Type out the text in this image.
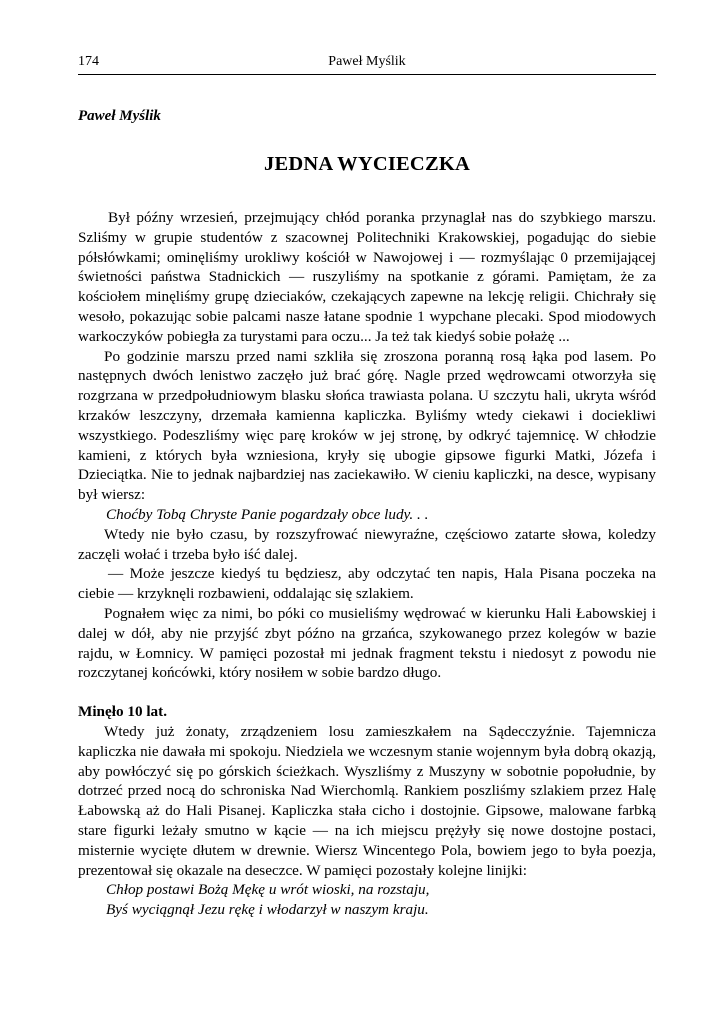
174	Paweł Myślik
Paweł Myślik
JEDNA WYCIECZKA

Był późny wrzesień, przejmujący chłód poranka przynaglał nas do szybkiego marszu. Szliśmy w grupie studentów z szacownej Politechniki Krakowskiej, pogadując do siebie półsłówkami; ominęliśmy urokliwy kościół w Nawojowej i — rozmyślając 0 przemijającej świetności państwa Stadnickich — ruszyliśmy na spotkanie z górami. Pamiętam, że za kościołem minęliśmy grupę dzieciaków, czekających zapewne na lekcję religii. Chichrały się wesoło, pokazując sobie palcami nasze łatane spodnie 1 wypchane plecaki. Spod miodowych warkoczyków pobiegła za turystami para oczu... Ja też tak kiedyś sobie połażę ...

Po godzinie marszu przed nami szkliła się zroszona poranną rosą łąka pod lasem. Po następnych dwóch lenistwo zaczęło już brać górę. Nagle przed wędrowcami otworzyła się rozgrzana w przedpołudniowym blasku słońca trawiasta polana. U szczytu hali, ukryta wśród krzaków leszczyny, drzemała kamienna kapliczka. Byliśmy wtedy ciekawi i dociekliwi wszystkiego. Podeszliśmy więc parę kroków w jej stronę, by odkryć tajemnicę. W chłodzie kamieni, z których była wzniesiona, kryły się ubogie gipsowe figurki Matki, Józefa i Dzieciątka. Nie to jednak najbardziej nas zaciekawiło. W cieniu kapliczki, na desce, wypisany był wiersz:

Choćby Tobą Chryste Panie pogardzały obce ludy. . .

Wtedy nie było czasu, by rozszyfrować niewyraźne, częściowo zatarte słowa, koledzy zaczęli wołać i trzeba było iść dalej.

— Może jeszcze kiedyś tu będziesz, aby odczytać ten napis, Hala Pisana poczeka na ciebie — krzyknęli rozbawieni, oddalając się szlakiem.

Pognałem więc za nimi, bo póki co musieliśmy wędrować w kierunku Hali Łabowskiej i dalej w dół, aby nie przyjść zbyt późno na grzańca, szykowanego przez kolegów w bazie rajdu, w Łomnicy. W pamięci pozostał mi jednak fragment tekstu i niedosyt z powodu nie rozczytanej końcówki, który nosiłem w sobie bardzo długo.

Minęło 10 lat.

Wtedy już żonaty, zrządzeniem losu zamieszkałem na Sądecczyźnie. Tajemnicza kapliczka nie dawała mi spokoju. Niedziela we wczesnym stanie wojennym była dobrą okazją, aby powłóczyć się po górskich ścieżkach. Wyszliśmy z Muszyny w sobotnie popołudnie, by dotrzeć przed nocą do schroniska Nad Wierchomlą. Rankiem poszliśmy szlakiem przez Halę Łabowską aż do Hali Pisanej. Kapliczka stała cicho i dostojnie. Gipsowe, malowane farbką stare figurki leżały smutno w kącie — na ich miejscu prężyły się nowe dostojne postaci, misternie wycięte dłutem w drewnie. Wiersz Wincentego Pola, bowiem jego to była poezja, prezentował się okazale na deseczce. W pamięci pozostały kolejne linijki:

Chłop postawi Bożą Mękę u wrót wioski, na rozstaju,

Byś wyciągnął Jezu rękę i włodarzył w naszym kraju.
